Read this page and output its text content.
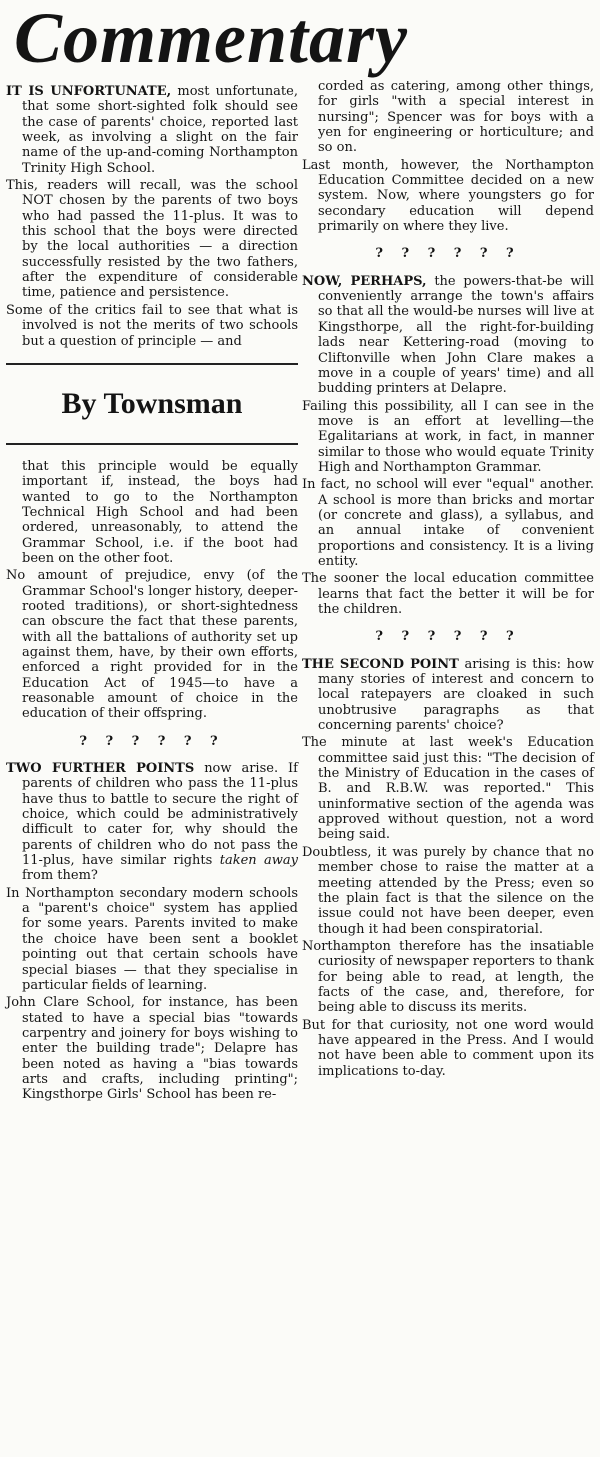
Commentary

IT IS UNFORTUNATE, most unfortunate, that some short-sighted folk should see the case of parents' choice, reported last week, as involving a slight on the fair name of the up-and-coming Northampton Trinity High School.

This, readers will recall, was the school NOT chosen by the parents of two boys who had passed the 11-plus. It was to this school that the boys were directed by the local authorities — a direction successfully resisted by the two fathers, after the expenditure of considerable time, patience and persistence.

Some of the critics fail to see that what is involved is not the merits of two schools but a question of principle — and

By Townsman

that this principle would be equally important if, instead, the boys had wanted to go to the Northampton Technical High School and had been ordered, unreasonably, to attend the Grammar School, i.e. if the boot had been on the other foot.

No amount of prejudice, envy (of the Grammar School's longer history, deeper-rooted traditions), or short-sightedness can obscure the fact that these parents, with all the battalions of authority set up against them, have, by their own efforts, enforced a right provided for in the Education Act of 1945—to have a reasonable amount of choice in the education of their offspring.

? ? ? ? ? ?

TWO FURTHER POINTS now arise. If parents of children who pass the 11-plus have thus to battle to secure the right of choice, which could be administratively difficult to cater for, why should the parents of children who do not pass the 11-plus, have similar rights taken away from them?

In Northampton secondary modern schools a "parent's choice" system has applied for some years. Parents invited to make the choice have been sent a booklet pointing out that certain schools have special biases — that they specialise in particular fields of learning.

John Clare School, for instance, has been stated to have a special bias "towards carpentry and joinery for boys wishing to enter the building trade"; Delapre has been noted as having a "bias towards arts and crafts, including printing"; Kingsthorpe Girls' School has been re-

corded as catering, among other things, for girls "with a special interest in nursing"; Spencer was for boys with a yen for engineering or horticulture; and so on.

Last month, however, the Northampton Education Committee decided on a new system. Now, where youngsters go for secondary education will depend primarily on where they live.

? ? ? ? ? ?

NOW, PERHAPS, the powers-that-be will conveniently arrange the town's affairs so that all the would-be nurses will live at Kingsthorpe, all the right-for-building lads near Kettering-road (moving to Cliftonville when John Clare makes a move in a couple of years' time) and all budding printers at Delapre.

Failing this possibility, all I can see in the move is an effort at levelling—the Egalitarians at work, in fact, in manner similar to those who would equate Trinity High and Northampton Grammar.

In fact, no school will ever "equal" another. A school is more than bricks and mortar (or concrete and glass), a syllabus, and an annual intake of convenient proportions and consistency. It is a living entity.

The sooner the local education committee learns that fact the better it will be for the children.

? ? ? ? ? ?

THE SECOND POINT arising is this: how many stories of interest and concern to local ratepayers are cloaked in such unobtrusive paragraphs as that concerning parents' choice?

The minute at last week's Education committee said just this: "The decision of the Ministry of Education in the cases of B. and R.B.W. was reported." This uninformative section of the agenda was approved without question, not a word being said.

Doubtless, it was purely by chance that no member chose to raise the matter at a meeting attended by the Press; even so the plain fact is that the silence on the issue could not have been deeper, even though it had been conspiratorial.

Northampton therefore has the insatiable curiosity of newspaper reporters to thank for being able to read, at length, the facts of the case, and, therefore, for being able to discuss its merits.

But for that curiosity, not one word would have appeared in the Press. And I would not have been able to comment upon its implications to-day.
